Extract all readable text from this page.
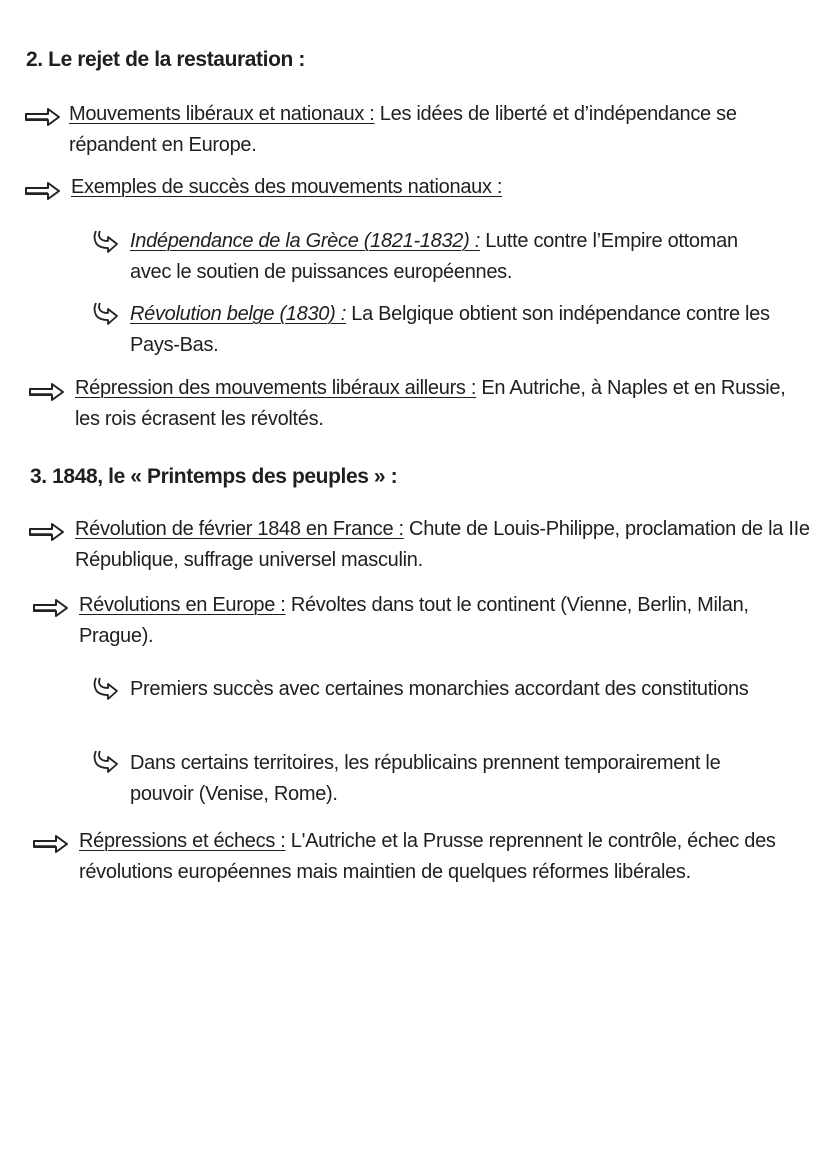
2. Le rejet de la restauration :

Mouvements libéraux et nationaux : Les idées de liberté et d’indépendance se répandent en Europe.

Exemples de succès des mouvements nationaux :

Indépendance de la Grèce (1821-1832) : Lutte contre l’Empire ottoman avec le soutien de puissances européennes.

Révolution belge (1830) : La Belgique obtient son indépendance contre les Pays-Bas.

Répression des mouvements libéraux ailleurs : En Autriche, à Naples et en Russie, les rois écrasent les révoltés.

3. 1848, le « Printemps des peuples » :

Révolution de février 1848 en France : Chute de Louis-Philippe, proclamation de la IIe République, suffrage universel masculin.

Révolutions en Europe : Révoltes dans tout le continent (Vienne, Berlin, Milan, Prague).

Premiers succès avec certaines monarchies accordant des constitutions

Dans certains territoires, les républicains prennent temporairement le pouvoir (Venise, Rome).

Répressions et échecs : L'Autriche et la Prusse reprennent le contrôle, échec des révolutions européennes mais maintien de quelques réformes libérales.
